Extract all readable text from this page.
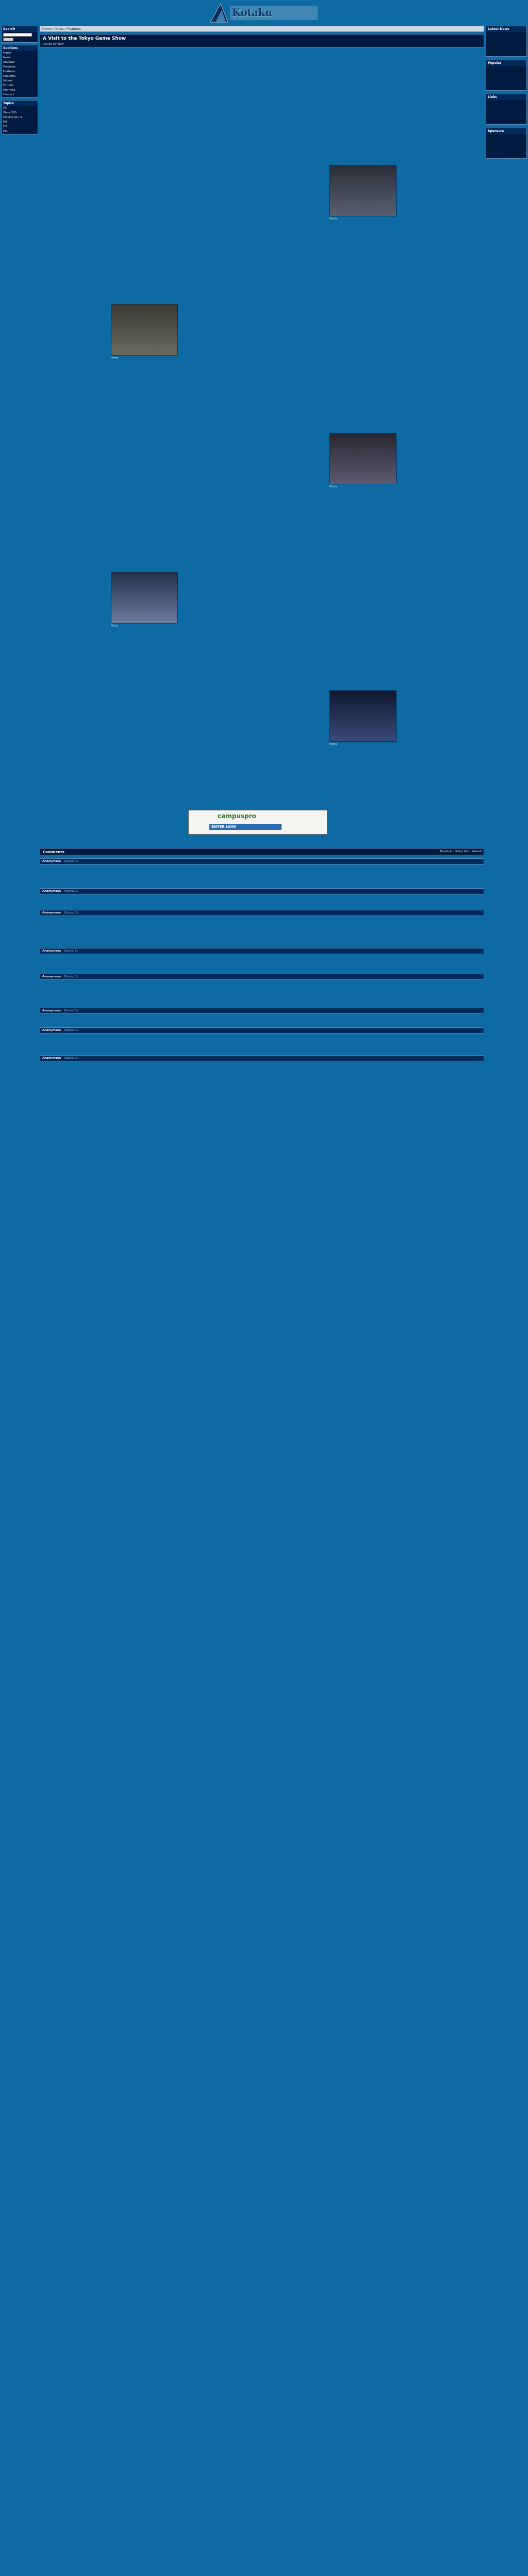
Kotaku
Search
Sections
Home
News
Reviews
Previews
Features
Columns
Videos
Forums
Archives
Contact
Topics
PC
Xbox 360
PlayStation 3
Wii
DS
PSP
Latest News
Popular
Links
Sponsors
Home » News » Features
A Visit to the Tokyo Game Show
Posted by staff
Photo
Photo
Photo
Photo
Photo
campuspro
ENTER NOW
Comments	Threshold · Oldest First · Refresh
Anonymous (Score: 1)
Anonymous (Score: 1)
Anonymous (Score: 1)
Anonymous (Score: 1)
Anonymous (Score: 1)
Anonymous (Score: 1)
Anonymous (Score: 1)
Anonymous (Score: 1)
